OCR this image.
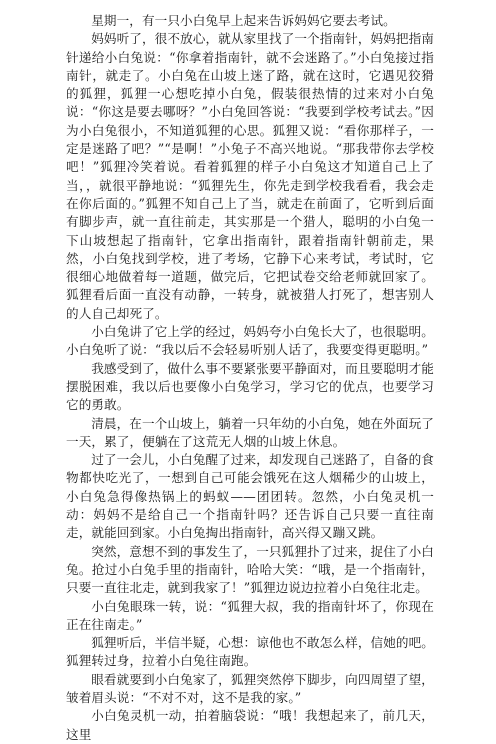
星期一，有一只小白兔早上起来告诉妈妈它要去考试。

妈妈听了，很不放心，就从家里找了一个指南针，妈妈把指南针递给小白兔说：“你拿着指南针，就不会迷路了。”小白兔接过指南针，就走了。小白兔在山坡上迷了路，就在这时，它遇见狡猾的狐狸，狐狸一心想吃掉小白兔，假装很热情的过来对小白兔说：“你这是要去哪呀？”小白兔回答说：“我要到学校考试去。”因为小白兔很小，不知道狐狸的心思。狐狸又说：“看你那样子，一定是迷路了吧？”“是啊！”小兔子不高兴地说。“那我带你去学校吧！”狐狸冷笑着说。看着狐狸的样子小白兔这才知道自己上了当，，就很平静地说：“狐狸先生，你先走到学校我看看，我会走在你后面的。”狐狸不知自己上了当，就走在前面了，它听到后面有脚步声，就一直往前走，其实那是一个猎人，聪明的小白兔一下山坡想起了指南针，它拿出指南针，跟着指南针朝前走，果然，小白兔找到学校，进了考场，它静下心来考试，考试时，它很细心地做着每一道题，做完后，它把试卷交给老师就回家了。狐狸看后面一直没有动静，一转身，就被猎人打死了，想害别人的人自己却死了。

小白兔讲了它上学的经过，妈妈夸小白兔长大了，也很聪明。小白兔听了说：“我以后不会轻易听别人话了，我要变得更聪明。”

我感受到了，做什么事不要紧张要平静面对，而且要聪明才能摆脱困难，我以后也要像小白兔学习，学习它的优点，也要学习它的勇敢。

清晨，在一个山坡上，躺着一只年幼的小白兔，她在外面玩了一天，累了，便躺在了这荒无人烟的山坡上休息。

过了一会儿，小白兔醒了过来，却发现自己迷路了，自备的食物都快吃光了，一想到自己可能会饿死在这人烟稀少的山坡上，小白兔急得像热锅上的蚂蚁——团团转。忽然，小白兔灵机一动：妈妈不是给自己一个指南针吗？还告诉自己只要一直往南走，就能回到家。小白兔掏出指南针，高兴得又蹦又跳。

突然，意想不到的事发生了，一只狐狸扑了过来，捉住了小白兔。抢过小白兔手里的指南针，哈哈大笑：“哦，是一个指南针，只要一直往北走，就到我家了！”狐狸边说边拉着小白兔往北走。

小白兔眼珠一转，说：“狐狸大叔，我的指南针坏了，你现在正在往南走。”

狐狸听后，半信半疑，心想：谅他也不敢怎么样，信她的吧。狐狸转过身，拉着小白兔往南跑。

眼看就要到小白兔家了，狐狸突然停下脚步，向四周望了望，皱着眉头说：“不对不对，这不是我的家。”

小白兔灵机一动，拍着脑袋说：“哦！我想起来了，前几天，这里
